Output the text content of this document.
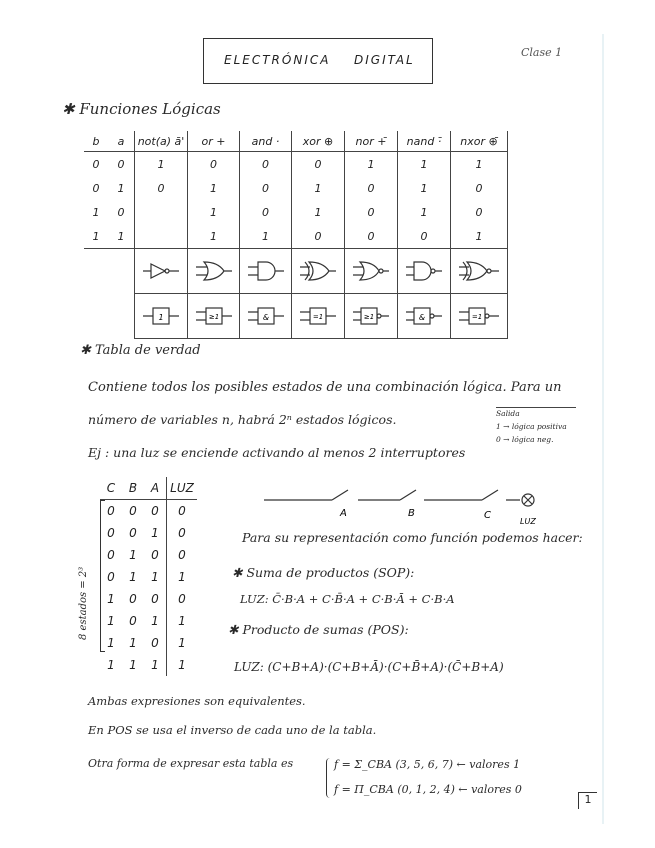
ELECTRÓNICA DIGITAL
Clase 1
✱ Funciones Lógicas
b	a	not(a) ā'	or +	and ·	xor ⊕	nor +̄	nand ·̄	nxor ⊕̄
0	0	1	0	0	0	1	1	1
0	1	0	1	0	1	0	1	0
1	0		1	0	1	0	1	0
1	1		1	1	0	0	0	1

1	≥1	&	=1	≥1	&	=1
✱ Tabla de verdad
Contiene todos los posibles estados de una combinación lógica. Para un
número de variables n, habrá 2ⁿ estados lógicos.
Ej : una luz se enciende activando al menos 2 interruptores
Salida
1 → lógica positiva
0 → lógica neg.
8 estados = 2³
C	B	A	LUZ
0	0	0	0
0	0	1	0
0	1	0	0
0	1	1	1
1	0	0	0
1	0	1	1
1	1	0	1
1	1	1	1
A	B	C
LUZ
Para su representación como función podemos hacer:
✱ Suma de productos (SOP):
LUZ: C̄·B·A + C·B̄·A + C·B·Ā + C·B·A
✱ Producto de sumas (POS):
LUZ: (C+B+A)·(C+B+Ā)·(C+B̄+A)·(C̄+B+A)
Ambas expresiones son equivalentes.
En POS se usa el inverso de cada uno de la tabla.
Otra forma de expresar esta tabla es	f = Σ_CBA (3, 5, 6, 7) ← valores 1
f = Π_CBA (0, 1, 2, 4) ← valores 0
1
